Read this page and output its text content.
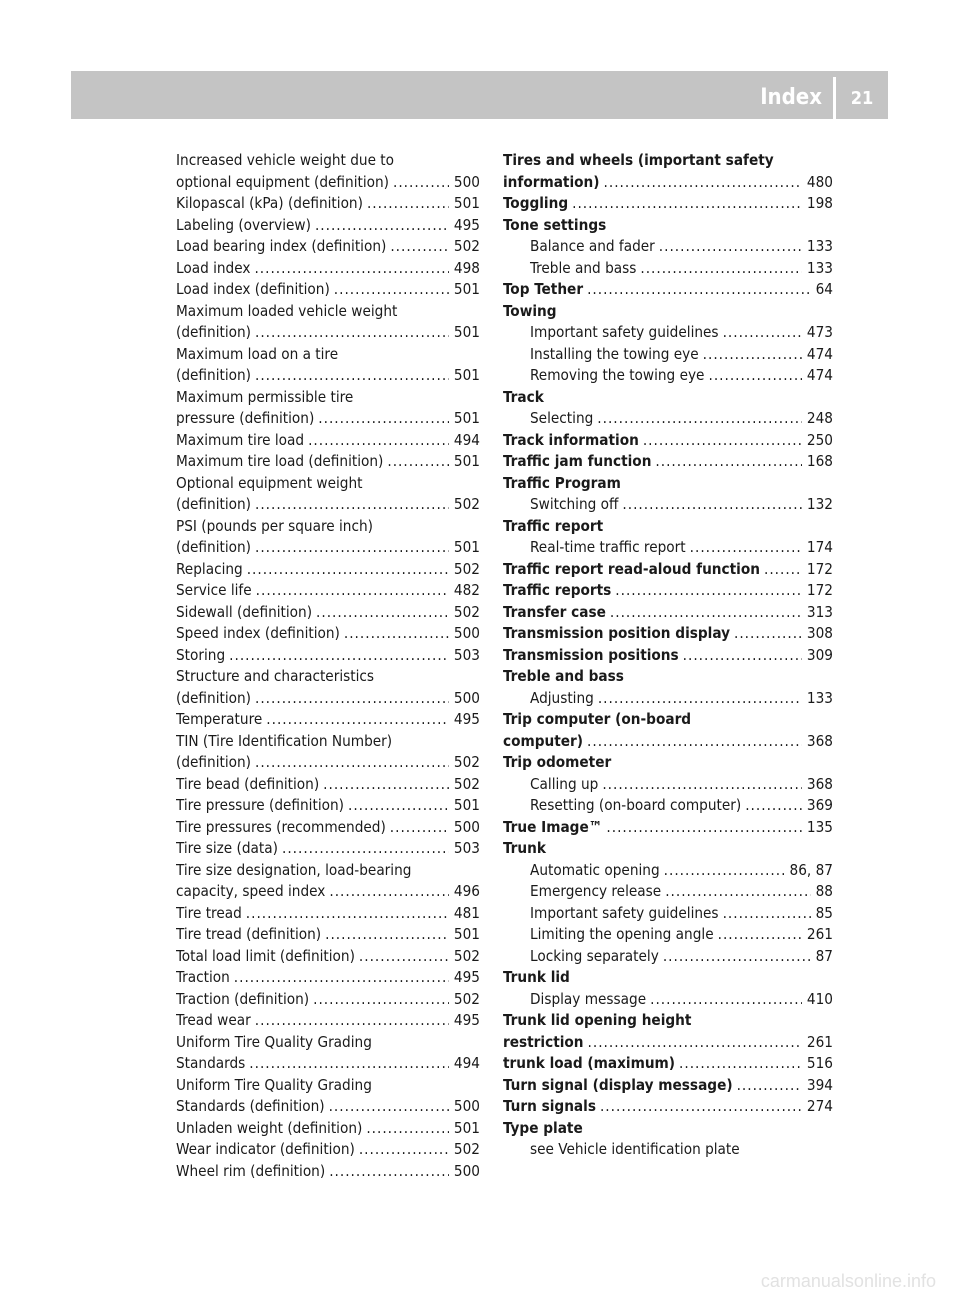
Index	21
Increased vehicle weight due to
optional equipment (definition) .....	500
Kilopascal (kPa) (definition) .....	501
Labeling (overview) .....	495
Load bearing index (definition) .....	502
Load index .....	498
Load index (definition) .....	501
Maximum loaded vehicle weight
(definition) .....	501
Maximum load on a tire
(definition) .....	501
Maximum permissible tire
pressure (definition) .....	501
Maximum tire load .....	494
Maximum tire load (definition) .....	501
Optional equipment weight
(definition) .....	502
PSI (pounds per square inch)
(definition) .....	501
Replacing .....	502
Service life .....	482
Sidewall (definition) .....	502
Speed index (definition) .....	500
Storing .....	503
Structure and characteristics
(definition) .....	500
Temperature .....	495
TIN (Tire Identification Number)
(definition) .....	502
Tire bead (definition) .....	502
Tire pressure (definition) .....	501
Tire pressures (recommended) .....	500
Tire size (data) .....	503
Tire size designation, load-bearing
capacity, speed index .....	496
Tire tread .....	481
Tire tread (definition) .....	501
Total load limit (definition) .....	502
Traction .....	495
Traction (definition) .....	502
Tread wear .....	495
Uniform Tire Quality Grading
Standards .....	494
Uniform Tire Quality Grading
Standards (definition) .....	500
Unladen weight (definition) .....	501
Wear indicator (definition) .....	502
Wheel rim (definition) .....	500
Tires and wheels (important safety
information) .....	480
Toggling .....	198
Tone settings
Balance and fader .....	133
Treble and bass .....	133
Top Tether .....	64
Towing
Important safety guidelines .....	473
Installing the towing eye .....	474
Removing the towing eye .....	474
Track
Selecting .....	248
Track information .....	250
Traffic jam function .....	168
Traffic Program
Switching off .....	132
Traffic report
Real-time traffic report .....	174
Traffic report read-aloud function .....	172
Traffic reports .....	172
Transfer case .....	313
Transmission position display .....	308
Transmission positions .....	309
Treble and bass
Adjusting .....	133
Trip computer (on-board
computer) .....	368
Trip odometer
Calling up .....	368
Resetting (on-board computer) .....	369
True Image™ .....	135
Trunk
Automatic opening .....	86, 87
Emergency release .....	88
Important safety guidelines .....	85
Limiting the opening angle .....	261
Locking separately .....	87
Trunk lid
Display message .....	410
Trunk lid opening height
restriction .....	261
trunk load (maximum) .....	516
Turn signal (display message) .....	394
Turn signals .....	274
Type plate
see Vehicle identification plate
carmanualsonline.info
